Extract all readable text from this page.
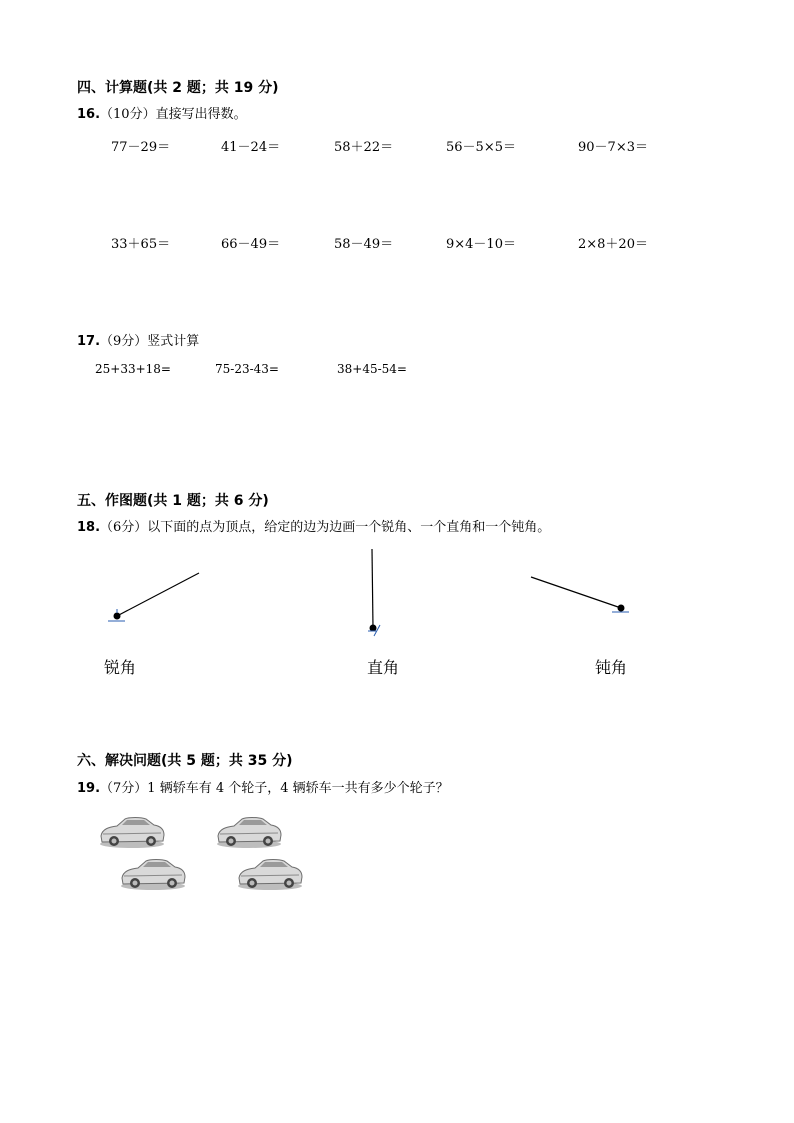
四、计算题(共 2 题；共 19 分)
16.（10分）直接写出得数。
77－29＝	41－24＝	58＋22＝	56－5×5＝	90－7×3＝
33＋65＝	66－49＝	58－49＝	9×4－10＝	2×8＋20＝
17.（9分）竖式计算
25+33+18=	75-23-43=	38+45-54=
五、作图题(共 1 题；共 6 分)
18.（6分）以下面的点为顶点，给定的边为边画一个锐角、一个直角和一个钝角。
锐角	直角	钝角
六、解决问题(共 5 题；共 35 分)
19.（7分）1 辆轿车有 4 个轮子，4 辆轿车一共有多少个轮子？
